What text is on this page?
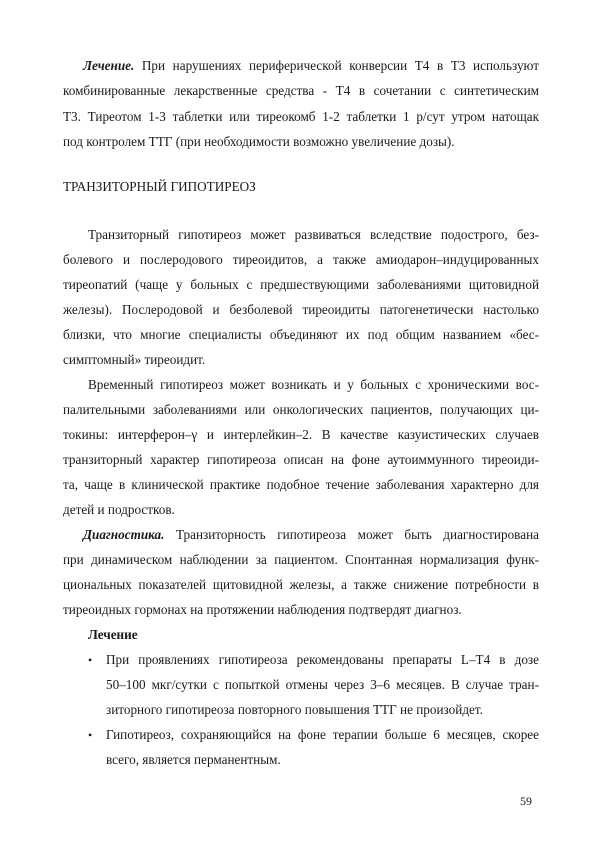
Лечение. При нарушениях периферической конверсии Т4 в Т3 используют
комбинированные лекарственные средства - Т4 в сочетании с синтетическим
Т3. Тиреотом 1-3 таблетки или тиреокомб 1-2 таблетки 1 р/сут утром натощак
под контролем ТТГ (при необходимости возможно увеличение дозы).
ТРАНЗИТОРНЫЙ ГИПОТИРЕОЗ
Транзиторный гипотиреоз может развиваться вследствие подострого, без-
болевого и послеродового тиреоидитов, а также амиодарон–индуцированных
тиреопатий (чаще у больных с предшествующими заболеваниями щитовидной
железы). Послеродовой и безболевой тиреоидиты патогенетически настолько
близки, что многие специалисты объединяют их под общим названием «бес-
симптомный» тиреоидит.
Временный гипотиреоз может возникать и у больных с хроническими вос-
палительными заболеваниями или онкологических пациентов, получающих ци-
токины: интерферон–γ и интерлейкин–2. В качестве казуистических случаев
транзиторный характер гипотиреоза описан на фоне аутоиммунного тиреоиди-
та, чаще в клинической практике подобное течение заболевания характерно для
детей и подростков.
Диагностика. Транзиторность гипотиреоза может быть диагностирована
при динамическом наблюдении за пациентом. Спонтанная нормализация функ-
циональных показателей щитовидной железы, а также снижение потребности в
тиреоидных гормонах на протяжении наблюдения подтвердят диагноз.
Лечение
• При проявлениях гипотиреоза рекомендованы препараты L–T4 в дозе
50–100 мкг/сутки с попыткой отмены через 3–6 месяцев. В случае тран-
зиторного гипотиреоза повторного повышения ТТГ не произойдет.
• Гипотиреоз, сохраняющийся на фоне терапии больше 6 месяцев, скорее
всего, является перманентным.
59
